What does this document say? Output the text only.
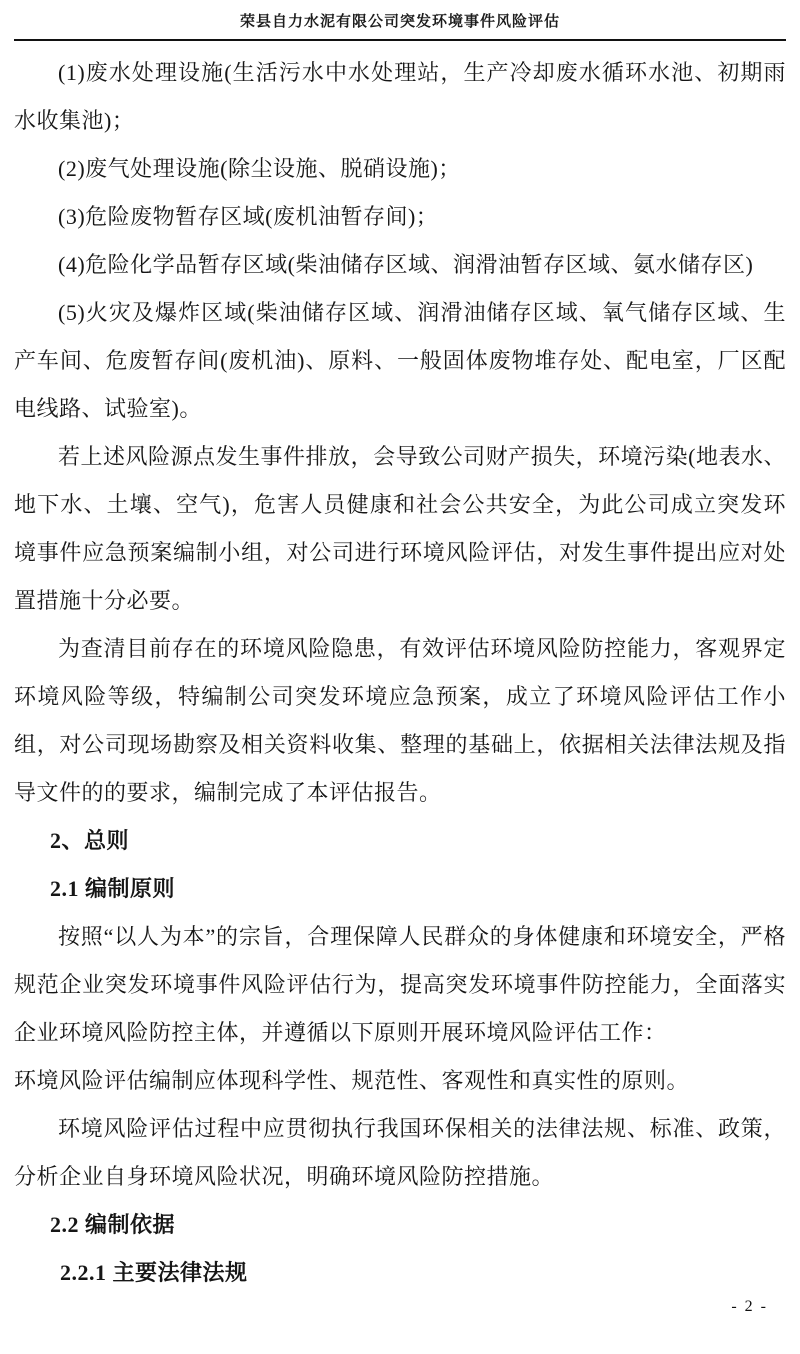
荣县自力水泥有限公司突发环境事件风险评估

(1)废水处理设施(生活污水中水处理站，生产冷却废水循环水池、初期雨水收集池)；

(2)废气处理设施(除尘设施、脱硝设施)；

(3)危险废物暂存区域(废机油暂存间)；

(4)危险化学品暂存区域(柴油储存区域、润滑油暂存区域、氨水储存区)

(5)火灾及爆炸区域(柴油储存区域、润滑油储存区域、氧气储存区域、生产车间、危废暂存间(废机油)、原料、一般固体废物堆存处、配电室，厂区配电线路、试验室)。

若上述风险源点发生事件排放，会导致公司财产损失，环境污染(地表水、地下水、土壤、空气)，危害人员健康和社会公共安全，为此公司成立突发环境事件应急预案编制小组，对公司进行环境风险评估，对发生事件提出应对处置措施十分必要。

为查清目前存在的环境风险隐患，有效评估环境风险防控能力，客观界定环境风险等级，特编制公司突发环境应急预案，成立了环境风险评估工作小组，对公司现场勘察及相关资料收集、整理的基础上，依据相关法律法规及指导文件的的要求，编制完成了本评估报告。

2、总则

2.1 编制原则

按照“以人为本”的宗旨，合理保障人民群众的身体健康和环境安全，严格规范企业突发环境事件风险评估行为，提高突发环境事件防控能力，全面落实企业环境风险防控主体，并遵循以下原则开展环境风险评估工作：

环境风险评估编制应体现科学性、规范性、客观性和真实性的原则。

环境风险评估过程中应贯彻执行我国环保相关的法律法规、标准、政策，分析企业自身环境风险状况，明确环境风险防控措施。

2.2 编制依据

2.2.1 主要法律法规

- 2 -
